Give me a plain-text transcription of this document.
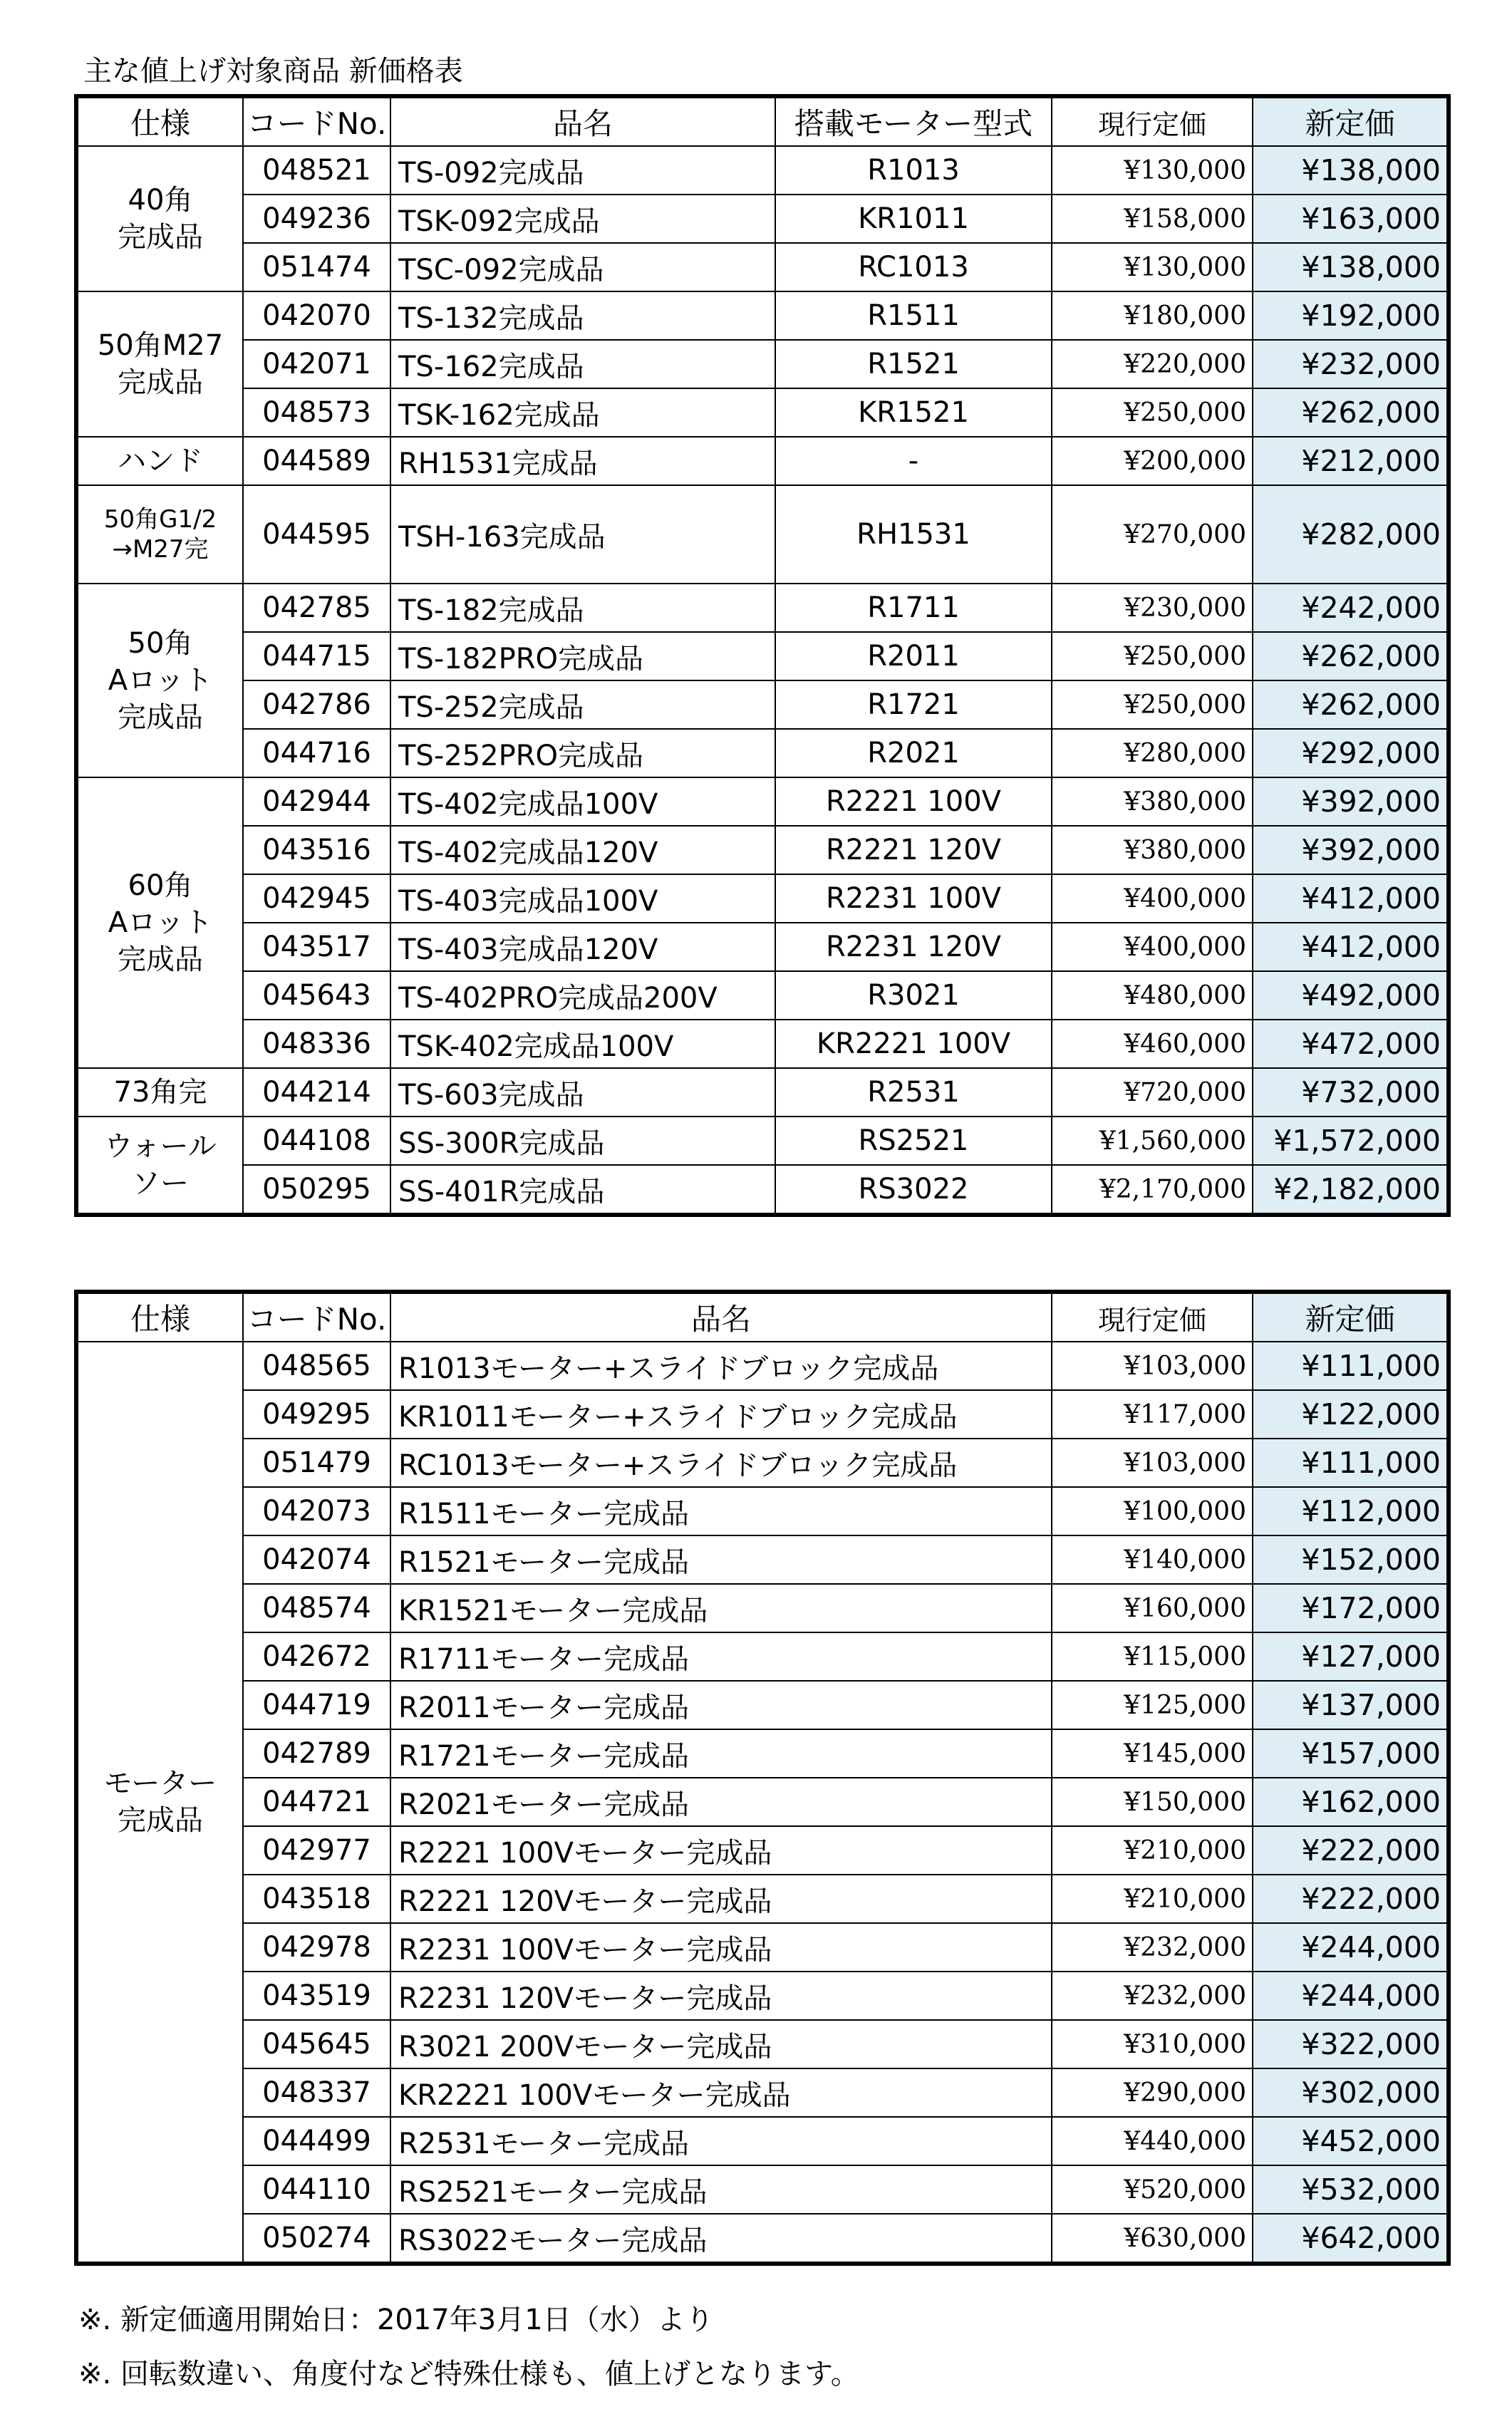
主な値上げ対象商品 新価格表
仕様	コードNo.	品名	搭載モーター型式	現行定価	新定価

40角
完成品	048521	TS-092完成品	R1013	¥130,000	¥138,000
	049236	TSK-092完成品	KR1011	¥158,000	¥163,000
	051474	TSC-092完成品	RC1013	¥130,000	¥138,000

50角M27
完成品	042070	TS-132完成品	R1511	¥180,000	¥192,000
	042071	TS-162完成品	R1521	¥220,000	¥232,000
	048573	TSK-162完成品	KR1521	¥250,000	¥262,000

ハンド	044589	RH1531完成品	-	¥200,000	¥212,000

50角G1/2
→M27完	044595	TSH-163完成品	RH1531	¥270,000	¥282,000

50角
Aロット
完成品	042785	TS-182完成品	R1711	¥230,000	¥242,000
	044715	TS-182PRO完成品	R2011	¥250,000	¥262,000
	042786	TS-252完成品	R1721	¥250,000	¥262,000
	044716	TS-252PRO完成品	R2021	¥280,000	¥292,000

60角
Aロット
完成品	042944	TS-402完成品100V	R2221 100V	¥380,000	¥392,000
	043516	TS-402完成品120V	R2221 120V	¥380,000	¥392,000
	042945	TS-403完成品100V	R2231 100V	¥400,000	¥412,000
	043517	TS-403完成品120V	R2231 120V	¥400,000	¥412,000
	045643	TS-402PRO完成品200V	R3021	¥480,000	¥492,000
	048336	TSK-402完成品100V	KR2221 100V	¥460,000	¥472,000

73角完	044214	TS-603完成品	R2531	¥720,000	¥732,000

ウォール
ソー	044108	SS-300R完成品	RS2521	¥1,560,000	¥1,572,000
	050295	SS-401R完成品	RS3022	¥2,170,000	¥2,182,000
仕様	コードNo.	品名	現行定価	新定価

モーター
完成品	048565	R1013モーター+スライドブロック完成品	¥103,000	¥111,000
	049295	KR1011モーター+スライドブロック完成品	¥117,000	¥122,000
	051479	RC1013モーター+スライドブロック完成品	¥103,000	¥111,000
	042073	R1511モーター完成品	¥100,000	¥112,000
	042074	R1521モーター完成品	¥140,000	¥152,000
	048574	KR1521モーター完成品	¥160,000	¥172,000
	042672	R1711モーター完成品	¥115,000	¥127,000
	044719	R2011モーター完成品	¥125,000	¥137,000
	042789	R1721モーター完成品	¥145,000	¥157,000
	044721	R2021モーター完成品	¥150,000	¥162,000
	042977	R2221 100Vモーター完成品	¥210,000	¥222,000
	043518	R2221 120Vモーター完成品	¥210,000	¥222,000
	042978	R2231 100Vモーター完成品	¥232,000	¥244,000
	043519	R2231 120Vモーター完成品	¥232,000	¥244,000
	045645	R3021 200Vモーター完成品	¥310,000	¥322,000
	048337	KR2221 100Vモーター完成品	¥290,000	¥302,000
	044499	R2531モーター完成品	¥440,000	¥452,000
	044110	RS2521モーター完成品	¥520,000	¥532,000
	050274	RS3022モーター完成品	¥630,000	¥642,000
※. 新定価適用開始日：2017年3月1日（水）より
※. 回転数違い、角度付など特殊仕様も、値上げとなります。
